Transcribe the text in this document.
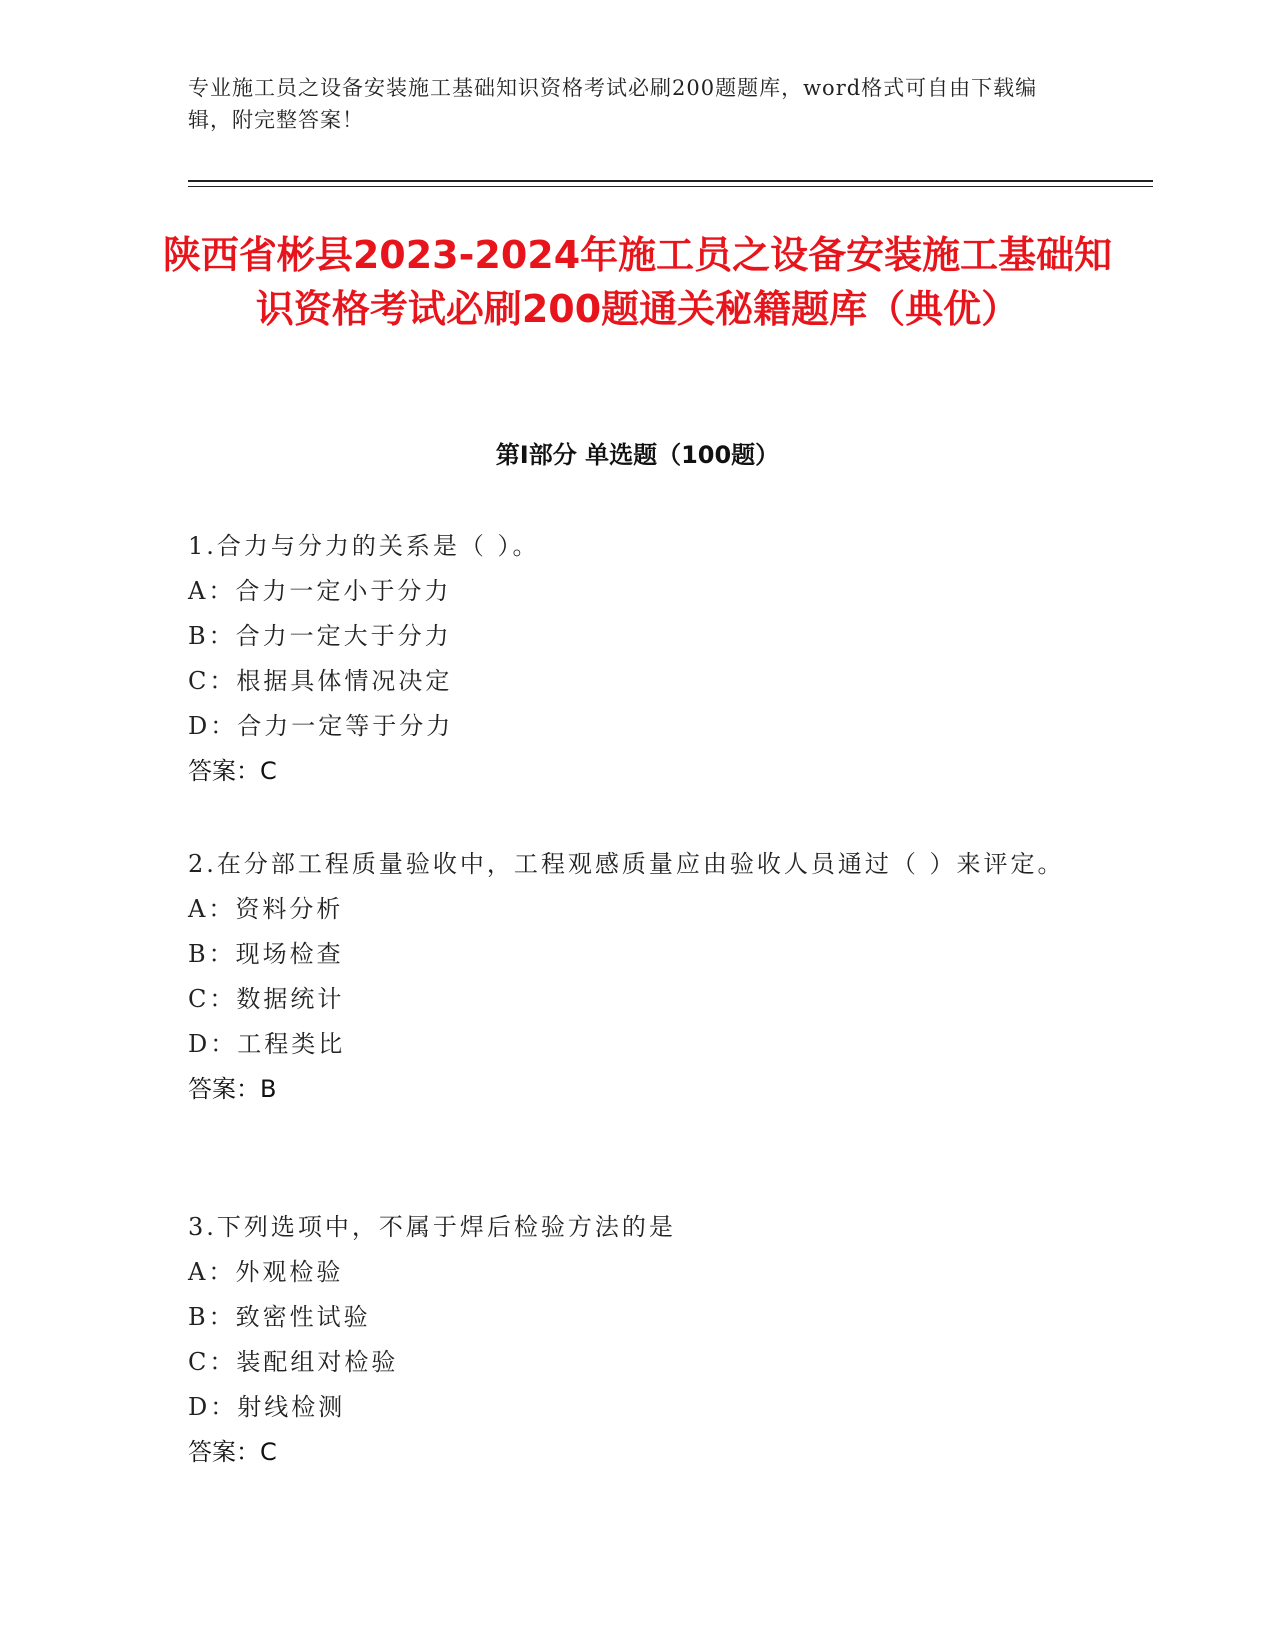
专业施工员之设备安装施工基础知识资格考试必刷200题题库，word格式可自由下载编辑，附完整答案！
陕西省彬县2023-2024年施工员之设备安装施工基础知识资格考试必刷200题通关秘籍题库（典优）
第Ⅰ部分 单选题（100题）

1.合力与分力的关系是（ ）。

A：合力一定小于分力

B：合力一定大于分力

C：根据具体情况决定

D：合力一定等于分力

答案：C

2.在分部工程质量验收中，工程观感质量应由验收人员通过（ ）来评定。

A：资料分析

B：现场检查

C：数据统计

D：工程类比

答案：B

3.下列选项中，不属于焊后检验方法的是

A：外观检验

B：致密性试验

C：装配组对检验

D：射线检测

答案：C
